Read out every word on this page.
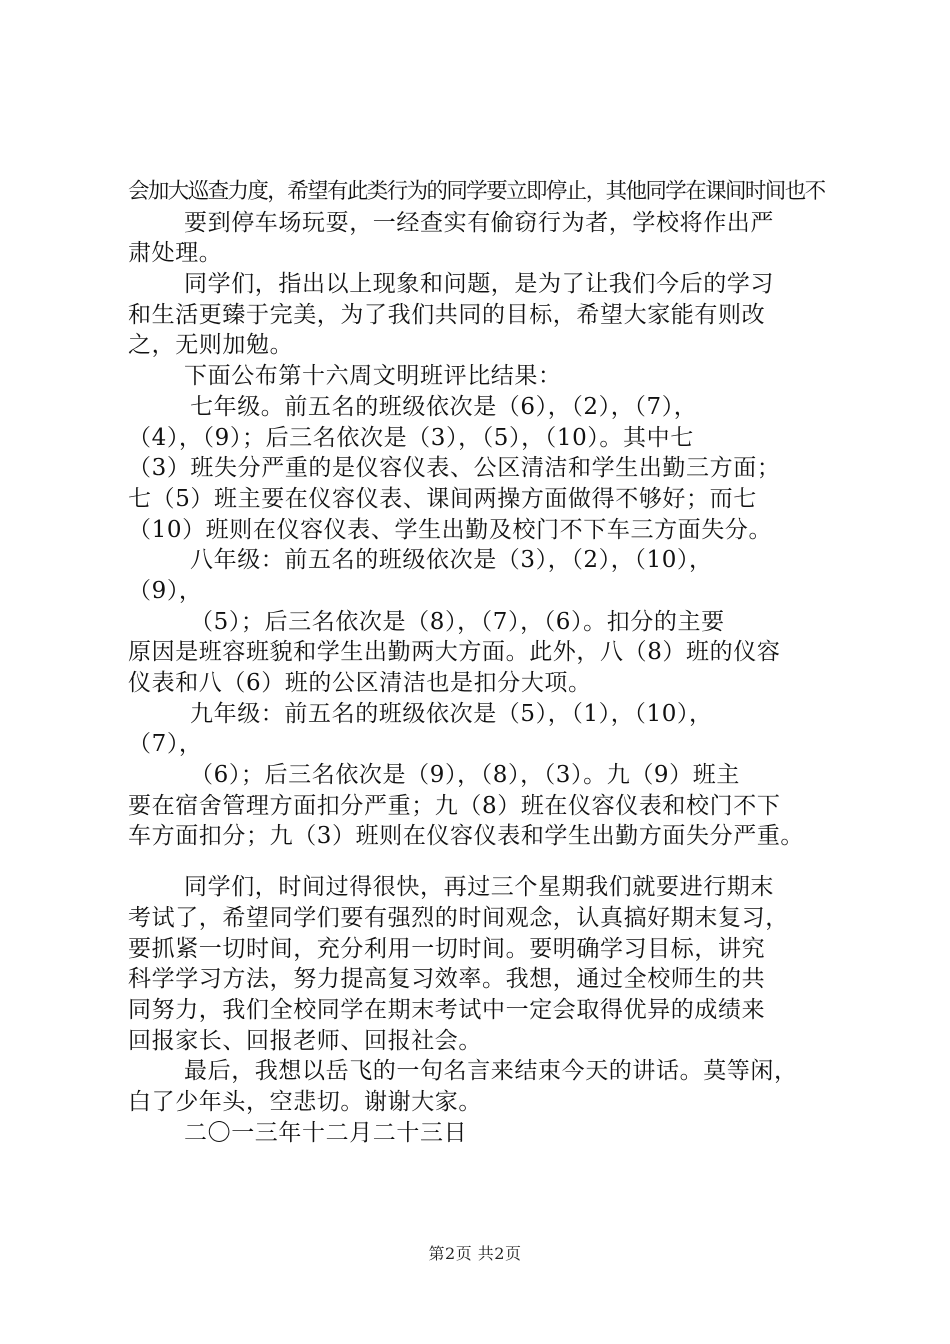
会加大巡查力度，希望有此类行为的同学要立即停止，其他同学在课间时间也不
要到停车场玩耍，一经查实有偷窃行为者，学校将作出严
肃处理。
同学们，指出以上现象和问题，是为了让我们今后的学习
和生活更臻于完美，为了我们共同的目标，希望大家能有则改
之，无则加勉。
下面公布第十六周文明班评比结果：
七年级。前五名的班级依次是（6），（2），（7），
（4），（9）；后三名依次是（3），（5），（10）。其中七
（3）班失分严重的是仪容仪表、公区清洁和学生出勤三方面；
七（5）班主要在仪容仪表、课间两操方面做得不够好；而七
（10）班则在仪容仪表、学生出勤及校门不下车三方面失分。
八年级：前五名的班级依次是（3），（2），（10），
（9），
（5）；后三名依次是（8），（7），（6）。扣分的主要
原因是班容班貌和学生出勤两大方面。此外，八（8）班的仪容
仪表和八（6）班的公区清洁也是扣分大项。
九年级：前五名的班级依次是（5），（1），（10），
（7），
（6）；后三名依次是（9），（8），（3）。九（9）班主
要在宿舍管理方面扣分严重；九（8）班在仪容仪表和校门不下
车方面扣分；九（3）班则在仪容仪表和学生出勤方面失分严重。
同学们，时间过得很快，再过三个星期我们就要进行期末
考试了，希望同学们要有强烈的时间观念，认真搞好期末复习，
要抓紧一切时间，充分利用一切时间。要明确学习目标，讲究
科学学习方法，努力提高复习效率。我想，通过全校师生的共
同努力，我们全校同学在期末考试中一定会取得优异的成绩来
回报家长、回报老师、回报社会。
最后，我想以岳飞的一句名言来结束今天的讲话。莫等闲，
白了少年头，空悲切。谢谢大家。
二〇一三年十二月二十三日
第2页 共2页
